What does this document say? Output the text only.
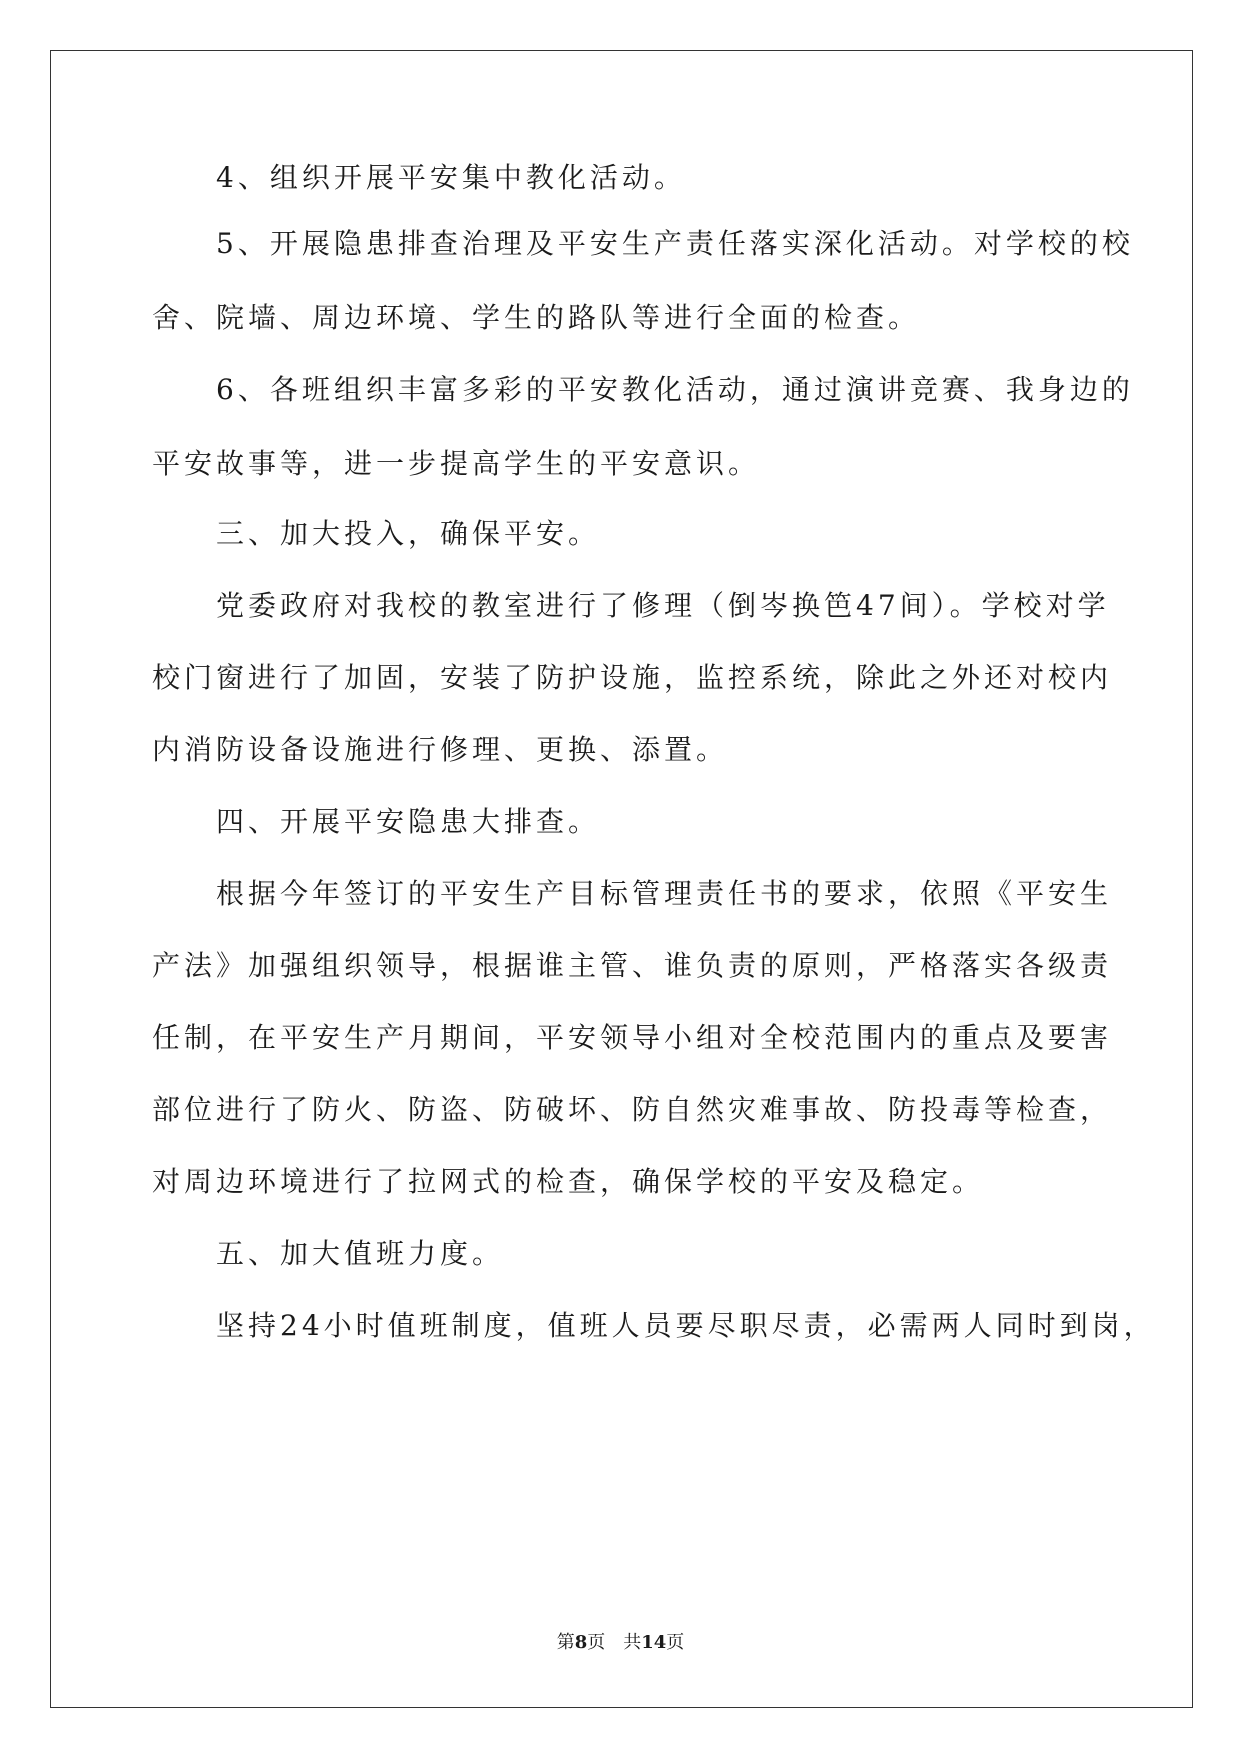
　　4、组织开展平安集中教化活动。
　　5、开展隐患排查治理及平安生产责任落实深化活动。对学校的校
舍、院墙、周边环境、学生的路队等进行全面的检查。
　　6、各班组织丰富多彩的平安教化活动，通过演讲竞赛、我身边的
平安故事等，进一步提高学生的平安意识。
　　三、加大投入，确保平安。
　　党委政府对我校的教室进行了修理（倒岑换笆47间）。学校对学
校门窗进行了加固，安装了防护设施，监控系统，除此之外还对校内
内消防设备设施进行修理、更换、添置。
　　四、开展平安隐患大排查。
　　根据今年签订的平安生产目标管理责任书的要求，依照《平安生
产法》加强组织领导，根据谁主管、谁负责的原则，严格落实各级责
任制，在平安生产月期间，平安领导小组对全校范围内的重点及要害
部位进行了防火、防盗、防破坏、防自然灾难事故、防投毒等检查，
对周边环境进行了拉网式的检查，确保学校的平安及稳定。
　　五、加大值班力度。
　　坚持24小时值班制度，值班人员要尽职尽责，必需两人同时到岗，
第8页 共14页
